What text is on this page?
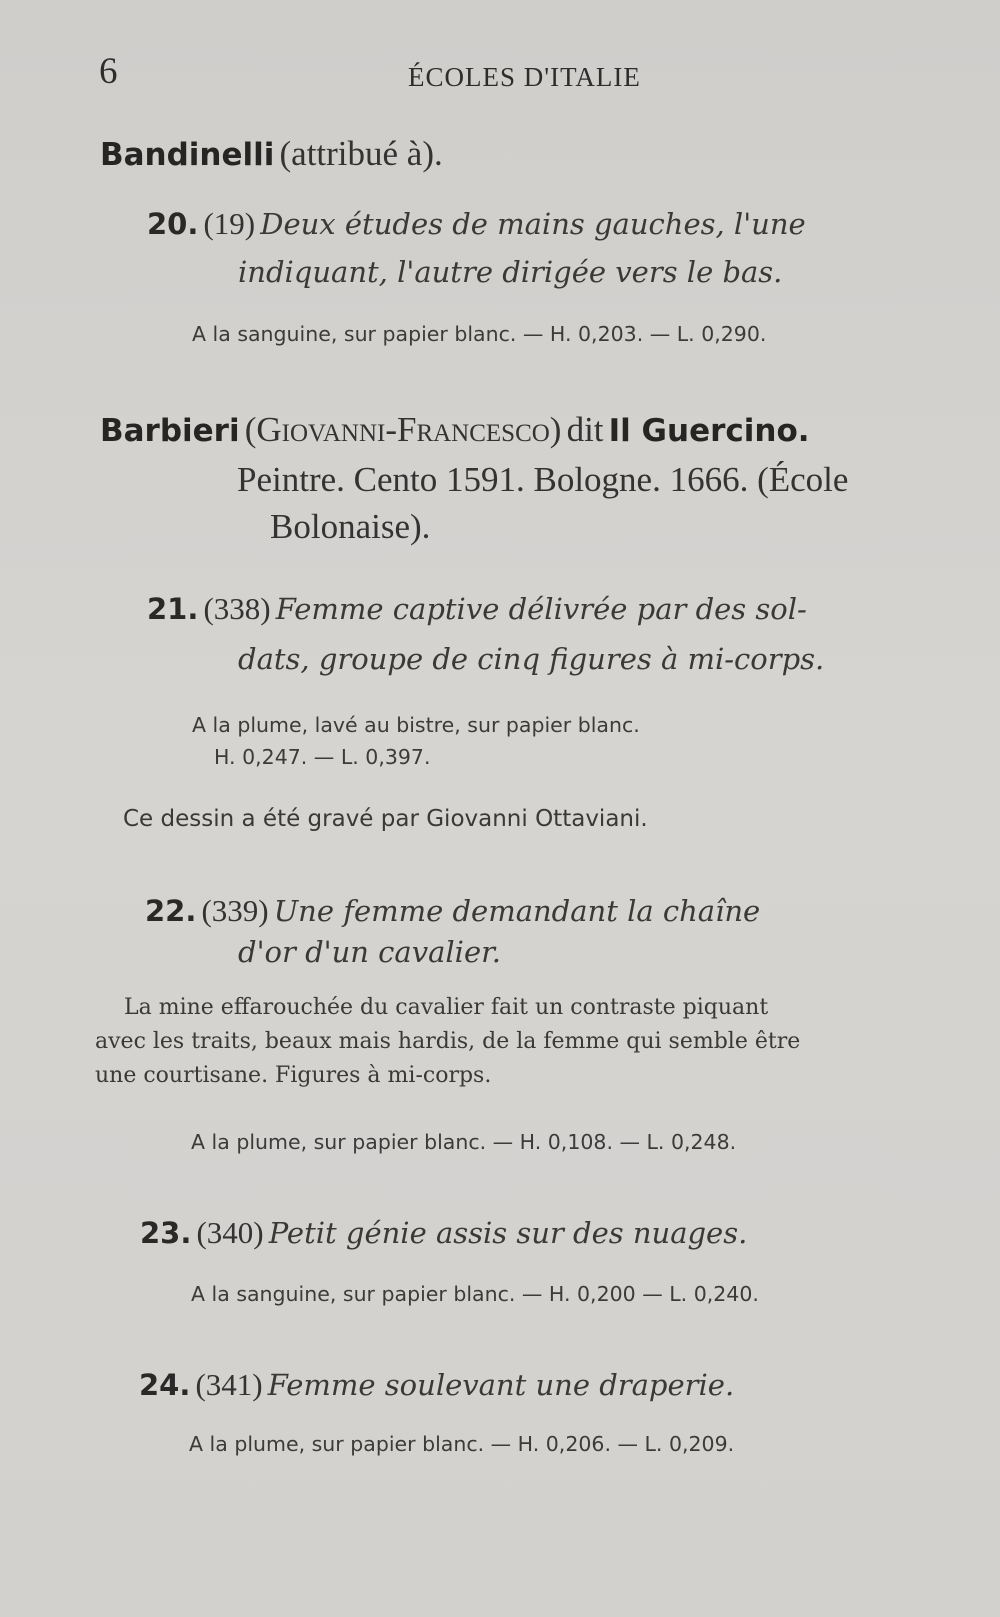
6	ÉCOLES D'ITALIE
Bandinelli (attribué à).
20. (19) Deux études de mains gauches, l'une
indiquant, l'autre dirigée vers le bas.
A la sanguine, sur papier blanc. — H. 0,203. — L. 0,290.
Barbieri (Giovanni-Francesco) dit Il Guercino.
Peintre. Cento 1591. Bologne. 1666. (École
Bolonaise).
21. (338) Femme captive délivrée par des sol-
dats, groupe de cinq figures à mi-corps.
A la plume, lavé au bistre, sur papier blanc.
H. 0,247. — L. 0,397.
Ce dessin a été gravé par Giovanni Ottaviani.
22. (339) Une femme demandant la chaîne
d'or d'un cavalier.
La mine effarouchée du cavalier fait un contraste piquant
avec les traits, beaux mais hardis, de la femme qui semble être
une courtisane. Figures à mi-corps.
A la plume, sur papier blanc. — H. 0,108. — L. 0,248.
23. (340) Petit génie assis sur des nuages.
A la sanguine, sur papier blanc. — H. 0,200 — L. 0,240.
24. (341) Femme soulevant une draperie.
A la plume, sur papier blanc. — H. 0,206. — L. 0,209.
